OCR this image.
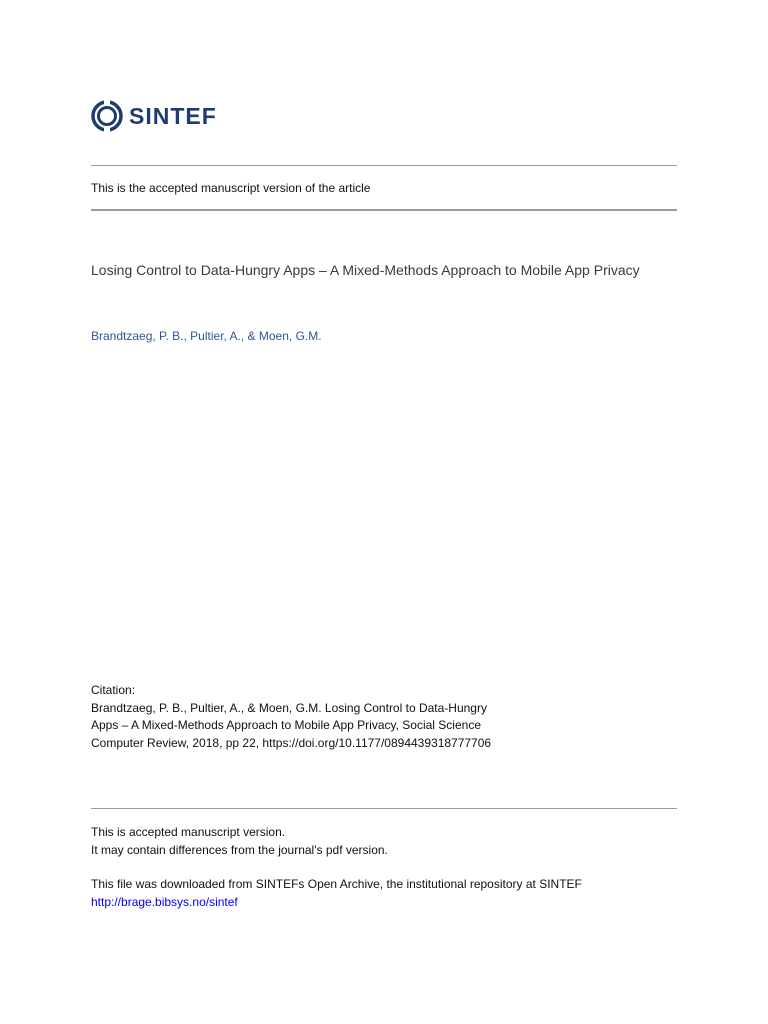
SINTEF
This is the accepted manuscript version of the article
Losing Control to Data-Hungry Apps – A Mixed-Methods Approach to Mobile App Privacy
Brandtzaeg, P. B., Pultier, A., & Moen, G.M.

Citation:

Brandtzaeg, P. B., Pultier, A., & Moen, G.M. Losing Control to Data-Hungry

Apps – A Mixed-Methods Approach to Mobile App Privacy, Social Science

Computer Review, 2018, pp 22, https://doi.org/10.1177/0894439318777706

This is accepted manuscript version.

It may contain differences from the journal's pdf version.

This file was downloaded from SINTEFs Open Archive, the institutional repository at SINTEF

http://brage.bibsys.no/sintef
